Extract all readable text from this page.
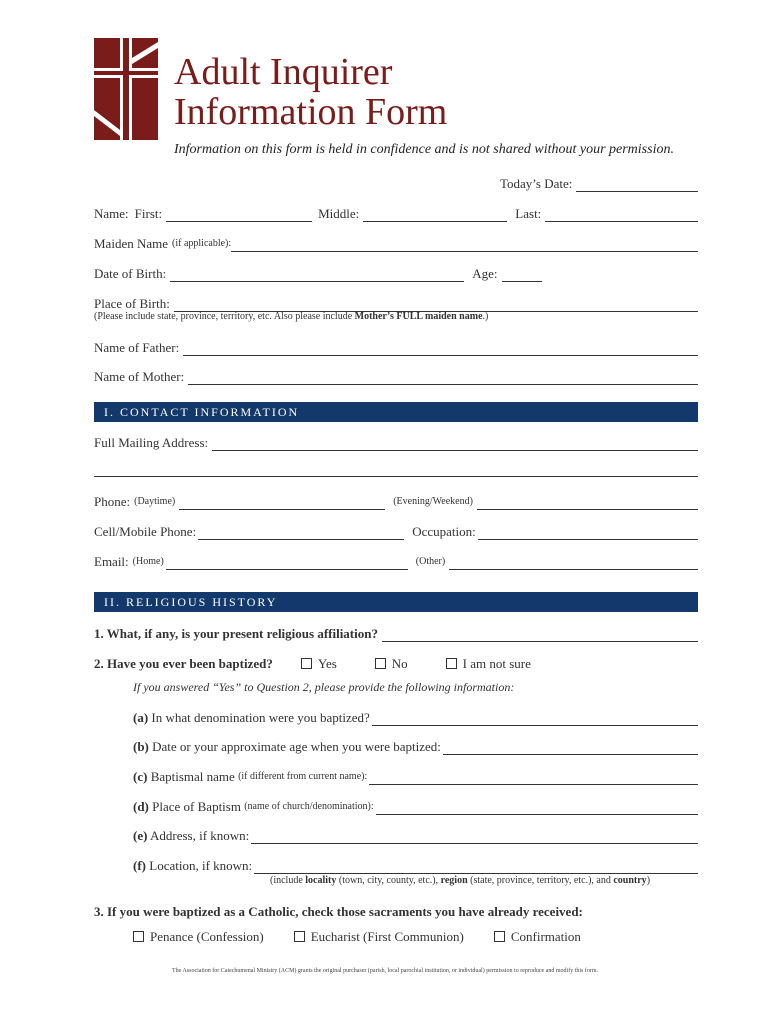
Adult Inquirer
Information Form
Information on this form is held in confidence and is not shared without your permission.
Today’s Date:
Name: First:	Middle:	Last:
Maiden Name (if applicable):
Date of Birth:	Age:
Place of Birth:
(Please include state, province, territory, etc. Also please include Mother’s FULL maiden name.)
Name of Father:
Name of Mother:
I. CONTACT INFORMATION
Full Mailing Address:
Phone: (Daytime)	(Evening/Weekend)
Cell/Mobile Phone:	Occupation:
Email: (Home)	(Other)
II. RELIGIOUS HISTORY
1. What, if any, is your present religious affiliation?
2. Have you ever been baptized?	Yes	No	I am not sure
If you answered “Yes” to Question 2, please provide the following information:
(a) In what denomination were you baptized?
(b) Date or your approximate age when you were baptized:
(c) Baptismal name (if different from current name):
(d) Place of Baptism (name of church/denomination):
(e) Address, if known:
(f) Location, if known:
(include locality (town, city, county, etc.), region (state, province, territory, etc.), and country)
3. If you were baptized as a Catholic, check those sacraments you have already received:
Penance (Confession)	Eucharist (First Communion)	Confirmation
The Association for Catechumenal Ministry (ACM) grants the original purchaser (parish, local parochial institution, or individual) permission to reproduce and modify this form.
